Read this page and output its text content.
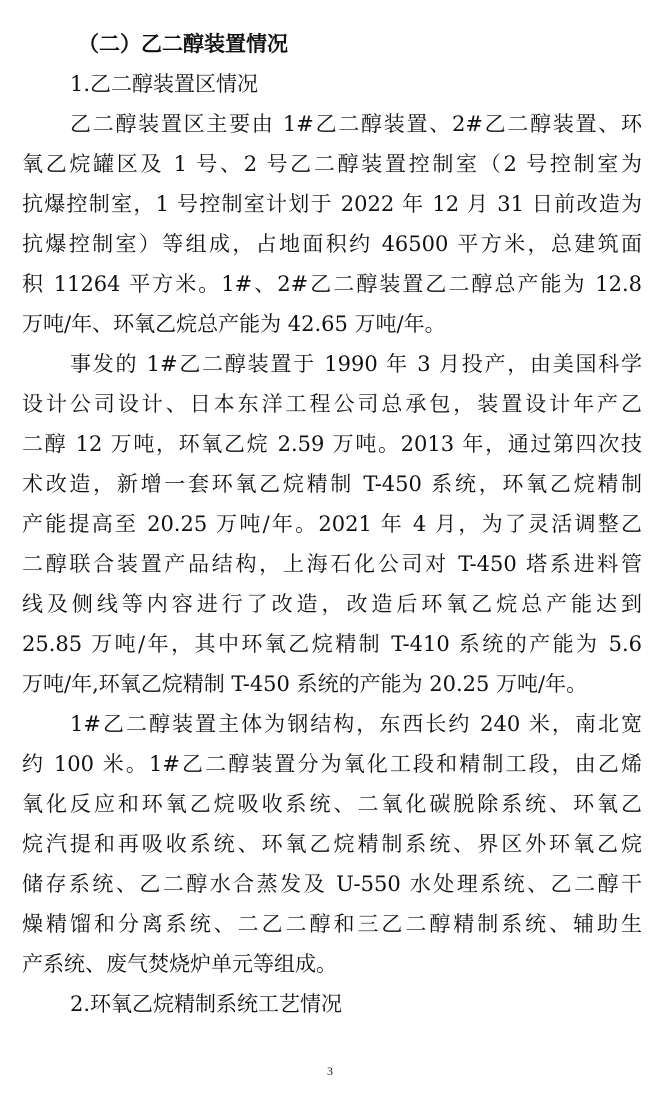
（二）乙二醇装置情况
1.乙二醇装置区情况
乙二醇装置区主要由 1#乙二醇装置、2#乙二醇装置、环
氧乙烷罐区及 1 号、2 号乙二醇装置控制室（2 号控制室为
抗爆控制室，1 号控制室计划于 2022 年 12 月 31 日前改造为
抗爆控制室）等组成，占地面积约 46500 平方米，总建筑面
积 11264 平方米。1#、2#乙二醇装置乙二醇总产能为 12.8
万吨/年、环氧乙烷总产能为 42.65 万吨/年。
事发的 1#乙二醇装置于 1990 年 3 月投产，由美国科学
设计公司设计、日本东洋工程公司总承包，装置设计年产乙
二醇 12 万吨，环氧乙烷 2.59 万吨。2013 年，通过第四次技
术改造，新增一套环氧乙烷精制 T-450 系统，环氧乙烷精制
产能提高至 20.25 万吨/年。2021 年 4 月，为了灵活调整乙
二醇联合装置产品结构，上海石化公司对 T-450 塔系进料管
线及侧线等内容进行了改造，改造后环氧乙烷总产能达到
25.85 万吨/年，其中环氧乙烷精制 T-410 系统的产能为 5.6
万吨/年,环氧乙烷精制 T-450 系统的产能为 20.25 万吨/年。
1#乙二醇装置主体为钢结构，东西长约 240 米，南北宽
约 100 米。1#乙二醇装置分为氧化工段和精制工段，由乙烯
氧化反应和环氧乙烷吸收系统、二氧化碳脱除系统、环氧乙
烷汽提和再吸收系统、环氧乙烷精制系统、界区外环氧乙烷
储存系统、乙二醇水合蒸发及 U-550 水处理系统、乙二醇干
燥精馏和分离系统、二乙二醇和三乙二醇精制系统、辅助生
产系统、废气焚烧炉单元等组成。
2.环氧乙烷精制系统工艺情况
3
